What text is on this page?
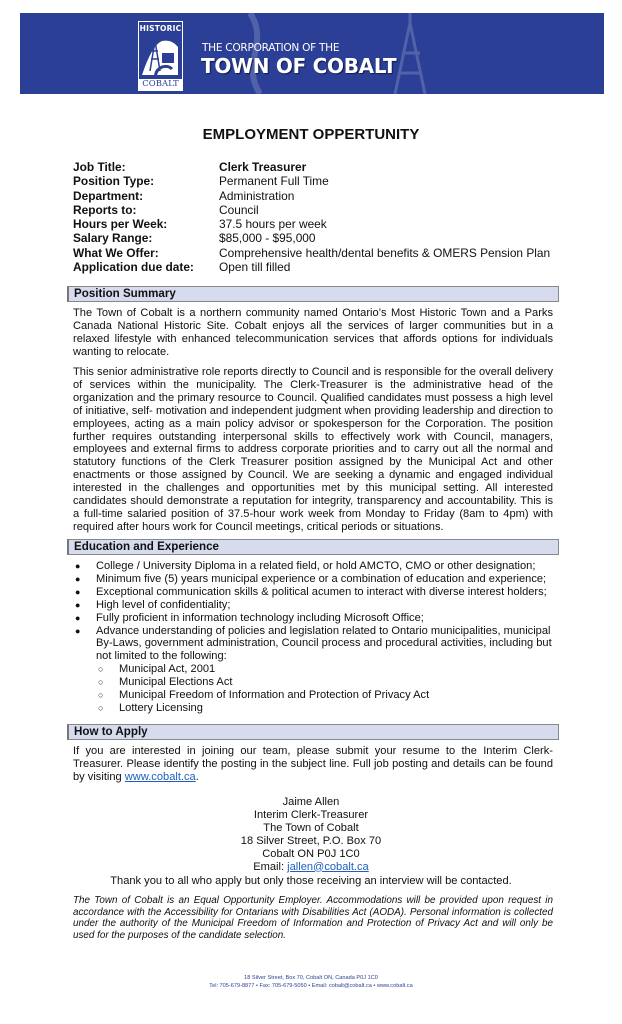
HISTORIC
COBALT
THE CORPORATION OF THE
TOWN OF COBALT
EMPLOYMENT OPPERTUNITY
Job Title:	Clerk Treasurer
Position Type:	Permanent Full Time
Department:	Administration
Reports to:	Council
Hours per Week:	37.5 hours per week
Salary Range:	$85,000 - $95,000
What We Offer:	Comprehensive health/dental benefits & OMERS Pension Plan
Application due date:	Open till filled
Position Summary
The Town of Cobalt is a northern community named Ontario’s Most Historic Town and a Parks Canada National Historic Site. Cobalt enjoys all the services of larger communities but in a relaxed lifestyle with enhanced telecommunication services that affords options for individuals wanting to relocate.
This senior administrative role reports directly to Council and is responsible for the overall delivery of services within the municipality. The Clerk-Treasurer is the administrative head of the organization and the primary resource to Council. Qualified candidates must possess a high level of initiative, self- motivation and independent judgment when providing leadership and direction to employees, acting as a main policy advisor or spokesperson for the Corporation. The position further requires outstanding interpersonal skills to effectively work with Council, managers, employees and external firms to address corporate priorities and to carry out all the normal and statutory functions of the Clerk Treasurer position assigned by the Municipal Act and other enactments or those assigned by Council. We are seeking a dynamic and engaged individual interested in the challenges and opportunities met by this municipal setting. All interested candidates should demonstrate a reputation for integrity, transparency and accountability. This is a full-time salaried position of 37.5-hour work week from Monday to Friday (8am to 4pm) with required after hours work for Council meetings, critical periods or situations.
Education and Experience
● College / University Diploma in a related field, or hold AMCTO, CMO or other designation;
● Minimum five (5) years municipal experience or a combination of education and experience;
● Exceptional communication skills & political acumen to interact with diverse interest holders;
● High level of confidentiality;
● Fully proficient in information technology including Microsoft Office;
● Advance understanding of policies and legislation related to Ontario municipalities, municipal By-Laws, government administration, Council process and procedural activities, including but not limited to the following:
○ Municipal Act, 2001
○ Municipal Elections Act
○ Municipal Freedom of Information and Protection of Privacy Act
○ Lottery Licensing
How to Apply
If you are interested in joining our team, please submit your resume to the Interim Clerk-Treasurer. Please identify the posting in the subject line. Full job posting and details can be found by visiting www.cobalt.ca.
Jaime Allen
Interim Clerk-Treasurer
The Town of Cobalt
18 Silver Street, P.O. Box 70
Cobalt ON P0J 1C0
Email: jallen@cobalt.ca
Thank you to all who apply but only those receiving an interview will be contacted.
The Town of Cobalt is an Equal Opportunity Employer. Accommodations will be provided upon request in accordance with the Accessibility for Ontarians with Disabilities Act (AODA). Personal information is collected under the authority of the Municipal Freedom of Information and Protection of Privacy Act and will only be used for the purposes of the candidate selection.
18 Silver Street, Box 70, Cobalt ON, Canada P0J 1C0
Tel: 705-679-8877 • Fax: 705-679-5050 • Email: cobalt@cobalt.ca • www.cobalt.ca
